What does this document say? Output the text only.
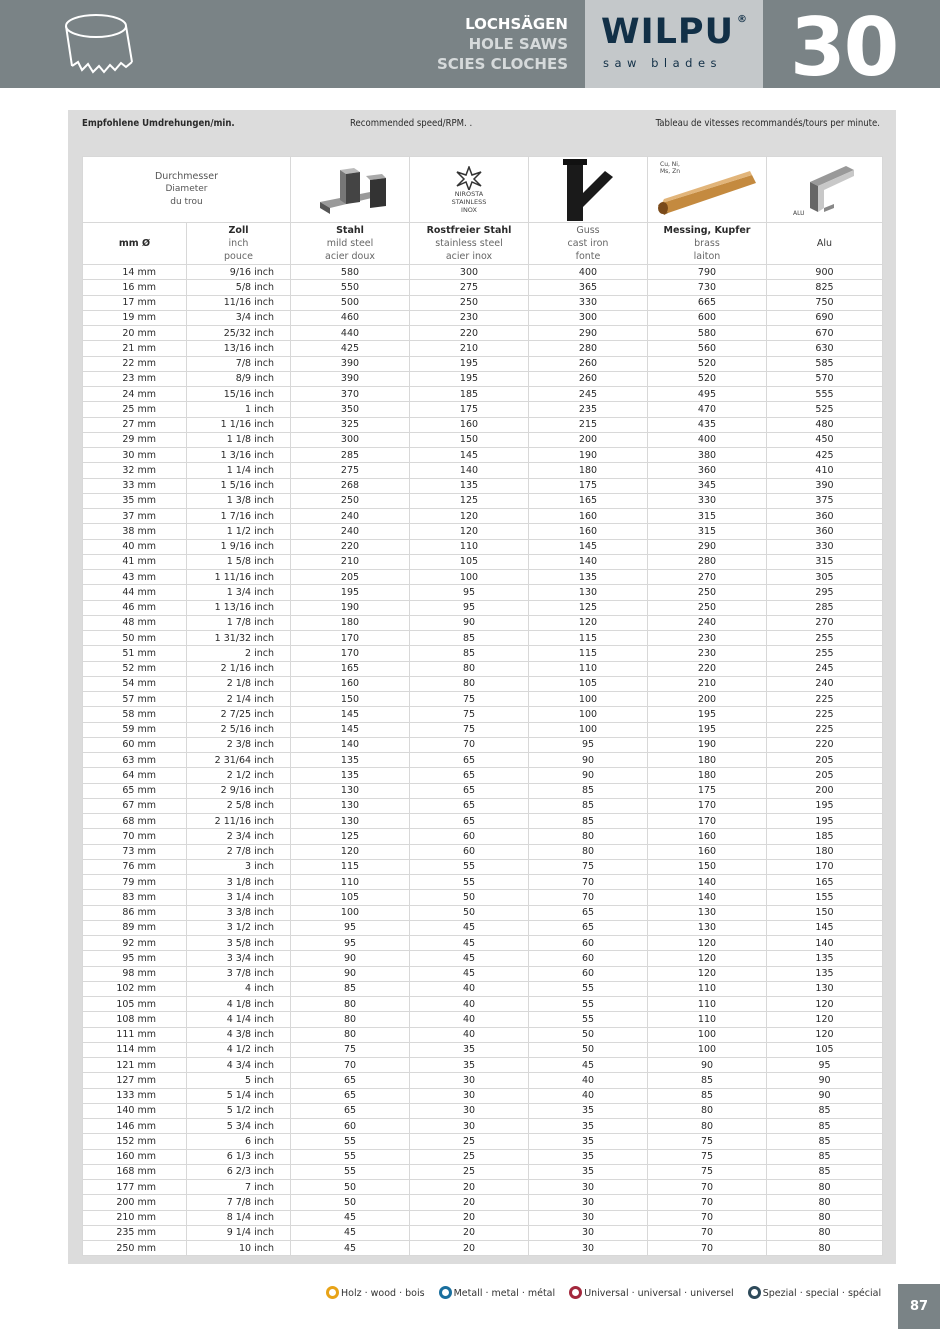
LOCHSÄGEN
HOLE SAWS
SCIES CLOCHES
WILPU ®
saw blades 30
Empfohlene Umdrehungen/min.	Recommended speed/RPM. .	Tableau de vitesses recommandés/tours per minute.
Durchmesser
Diameter
du trou			NIROSTA
STAINLESS
INOX		Cu, Ni,
Ms, Zn	ALU

mm Ø	Zoll
inch
pouce	Stahl
mild steel
acier doux	Rostfreier Stahl
stainless steel
acier inox	Guss
cast iron
fonte	Messing, Kupfer
brass
laiton	Alu

14 mm	9/16 inch	580	300	400	790	900
16 mm	5/8 inch	550	275	365	730	825
17 mm	11/16 inch	500	250	330	665	750
19 mm	3/4 inch	460	230	300	600	690
20 mm	25/32 inch	440	220	290	580	670
21 mm	13/16 inch	425	210	280	560	630
22 mm	7/8 inch	390	195	260	520	585
23 mm	8/9 inch	390	195	260	520	570
24 mm	15/16 inch	370	185	245	495	555
25 mm	1 inch	350	175	235	470	525
27 mm	1 1/16 inch	325	160	215	435	480
29 mm	1 1/8 inch	300	150	200	400	450
30 mm	1 3/16 inch	285	145	190	380	425
32 mm	1 1/4 inch	275	140	180	360	410
33 mm	1 5/16 inch	268	135	175	345	390
35 mm	1 3/8 inch	250	125	165	330	375
37 mm	1 7/16 inch	240	120	160	315	360
38 mm	1 1/2 inch	240	120	160	315	360
40 mm	1 9/16 inch	220	110	145	290	330
41 mm	1 5/8 inch	210	105	140	280	315
43 mm	1 11/16 inch	205	100	135	270	305
44 mm	1 3/4 inch	195	95	130	250	295
46 mm	1 13/16 inch	190	95	125	250	285
48 mm	1 7/8 inch	180	90	120	240	270
50 mm	1 31/32 inch	170	85	115	230	255
51 mm	2 inch	170	85	115	230	255
52 mm	2 1/16 inch	165	80	110	220	245
54 mm	2 1/8 inch	160	80	105	210	240
57 mm	2 1/4 inch	150	75	100	200	225
58 mm	2 7/25 inch	145	75	100	195	225
59 mm	2 5/16 inch	145	75	100	195	225
60 mm	2 3/8 inch	140	70	95	190	220
63 mm	2 31/64 inch	135	65	90	180	205
64 mm	2 1/2 inch	135	65	90	180	205
65 mm	2 9/16 inch	130	65	85	175	200
67 mm	2 5/8 inch	130	65	85	170	195
68 mm	2 11/16 inch	130	65	85	170	195
70 mm	2 3/4 inch	125	60	80	160	185
73 mm	2 7/8 inch	120	60	80	160	180
76 mm	3 inch	115	55	75	150	170
79 mm	3 1/8 inch	110	55	70	140	165
83 mm	3 1/4 inch	105	50	70	140	155
86 mm	3 3/8 inch	100	50	65	130	150
89 mm	3 1/2 inch	95	45	65	130	145
92 mm	3 5/8 inch	95	45	60	120	140
95 mm	3 3/4 inch	90	45	60	120	135
98 mm	3 7/8 inch	90	45	60	120	135
102 mm	4 inch	85	40	55	110	130
105 mm	4 1/8 inch	80	40	55	110	120
108 mm	4 1/4 inch	80	40	55	110	120
111 mm	4 3/8 inch	80	40	50	100	120
114 mm	4 1/2 inch	75	35	50	100	105
121 mm	4 3/4 inch	70	35	45	90	95
127 mm	5 inch	65	30	40	85	90
133 mm	5 1/4 inch	65	30	40	85	90
140 mm	5 1/2 inch	65	30	35	80	85
146 mm	5 3/4 inch	60	30	35	80	85
152 mm	6 inch	55	25	35	75	85
160 mm	6 1/3 inch	55	25	35	75	85
168 mm	6 2/3 inch	55	25	35	75	85
177 mm	7 inch	50	20	30	70	80
200 mm	7 7/8 inch	50	20	30	70	80
210 mm	8 1/4 inch	45	20	30	70	80
235 mm	9 1/4 inch	45	20	30	70	80
250 mm	10 inch	45	20	30	70	80
Holz · wood · bois	Metall · metal · métal	Universal · universal · universel	Spezial · special · spécial
87
